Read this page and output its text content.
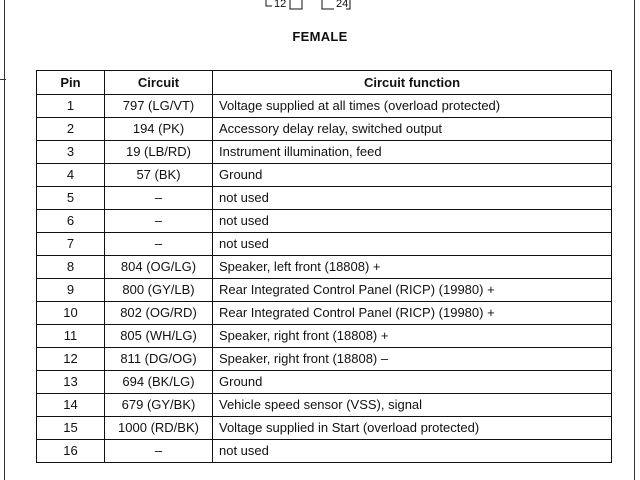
12	24
FEMALE
Pin	Circuit	Circuit function
1	797 (LG/VT)	Voltage supplied at all times (overload protected)
2	194 (PK)	Accessory delay relay, switched output
3	19 (LB/RD)	Instrument illumination, feed
4	57 (BK)	Ground
5	–	not used
6	–	not used
7	–	not used
8	804 (OG/LG)	Speaker, left front (18808) +
9	800 (GY/LB)	Rear Integrated Control Panel (RICP) (19980) +
10	802 (OG/RD)	Rear Integrated Control Panel (RICP) (19980) +
11	805 (WH/LG)	Speaker, right front (18808) +
12	811 (DG/OG)	Speaker, right front (18808) –
13	694 (BK/LG)	Ground
14	679 (GY/BK)	Vehicle speed sensor (VSS), signal
15	1000 (RD/BK)	Voltage supplied in Start (overload protected)
16	–	not used
